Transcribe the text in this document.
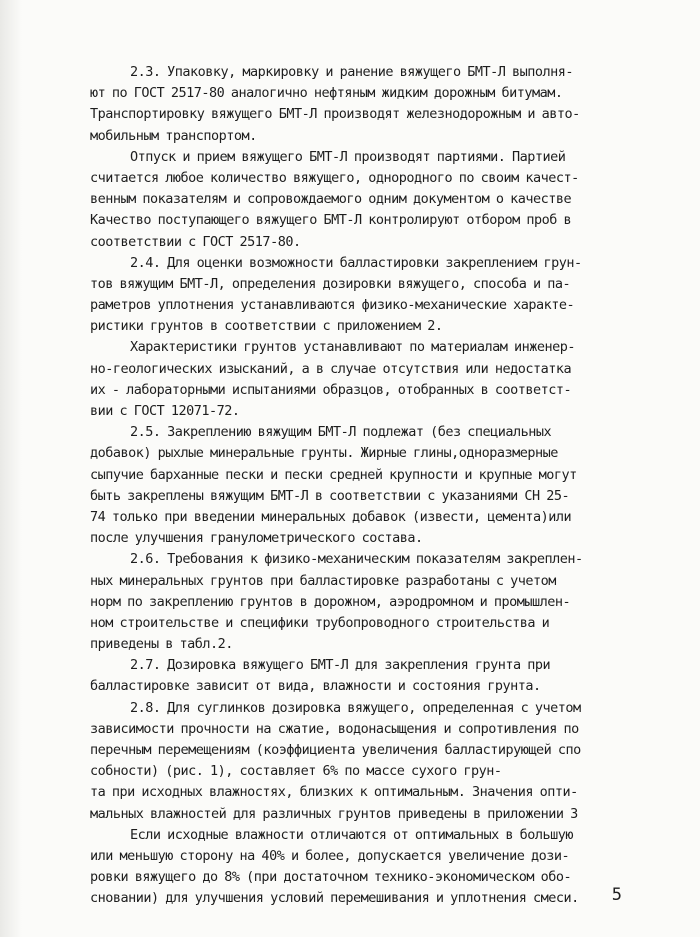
2.3. Упаковку, маркировку и ранение вяжущего БМТ-Л выполня-
ют по ГОСТ 2517-80 аналогично нефтяным жидким дорожным битумам.
Транспортировку вяжущего БМТ-Л производят железнодорожным и авто-
мобильным транспортом.
Отпуск и прием вяжущего БМТ-Л производят партиями. Партией
считается любое количество вяжущего, однородного по своим качест-
венным показателям и сопровождаемого одним документом о качестве
Качество поступающего вяжущего БМТ-Л контролируют отбором проб в
соответствии с ГОСТ 2517-80.
2.4. Для оценки возможности балластировки закреплением грун-
тов вяжущим БМТ-Л, определения дозировки вяжущего, способа и па-
раметров уплотнения устанавливаются физико-механические характе-
ристики грунтов в соответствии с приложением 2.
Характеристики грунтов устанавливают по материалам инженер-
но-геологических изысканий, а в случае отсутствия или недостатка
их - лабораторными испытаниями образцов, отобранных в соответст-
вии с ГОСТ 12071-72.
2.5. Закреплению вяжущим БМТ-Л подлежат (без специальных
добавок) рыхлые минеральные грунты. Жирные глины,одноразмерные
сыпучие барханные пески и пески средней крупности и крупные могут
быть закреплены вяжущим БМТ-Л в соответствии с указаниями СН 25-
74 только при введении минеральных добавок (извести, цемента)или
после улучшения гранулометрического состава.
2.6. Требования к физико-механическим показателям закреплен-
ных минеральных грунтов при балластировке разработаны с учетом
норм по закреплению грунтов в дорожном, аэродромном и промышлен-
ном строительстве и специфики трубопроводного строительства и
приведены в табл.2.
2.7. Дозировка вяжущего БМТ-Л для закрепления грунта при
балластировке зависит от вида, влажности и состояния грунта.
2.8. Для суглинков дозировка вяжущего, определенная с учетом
зависимости прочности на сжатие, водонасыщения и сопротивления по
перечным перемещениям (коэффициента увеличения балластирующей спо
собности) (рис. 1), составляет 6% по массе сухого грун-
та при исходных влажностях, близких к оптимальным. Значения опти-
мальных влажностей для различных грунтов приведены в приложении 3
Если исходные влажности отличаются от оптимальных в большую
или меньшую сторону на 40% и более, допускается увеличение дози-
ровки вяжущего до 8% (при достаточном технико-экономическом обо-
сновании) для улучшения условий перемешивания и уплотнения смеси.	5
